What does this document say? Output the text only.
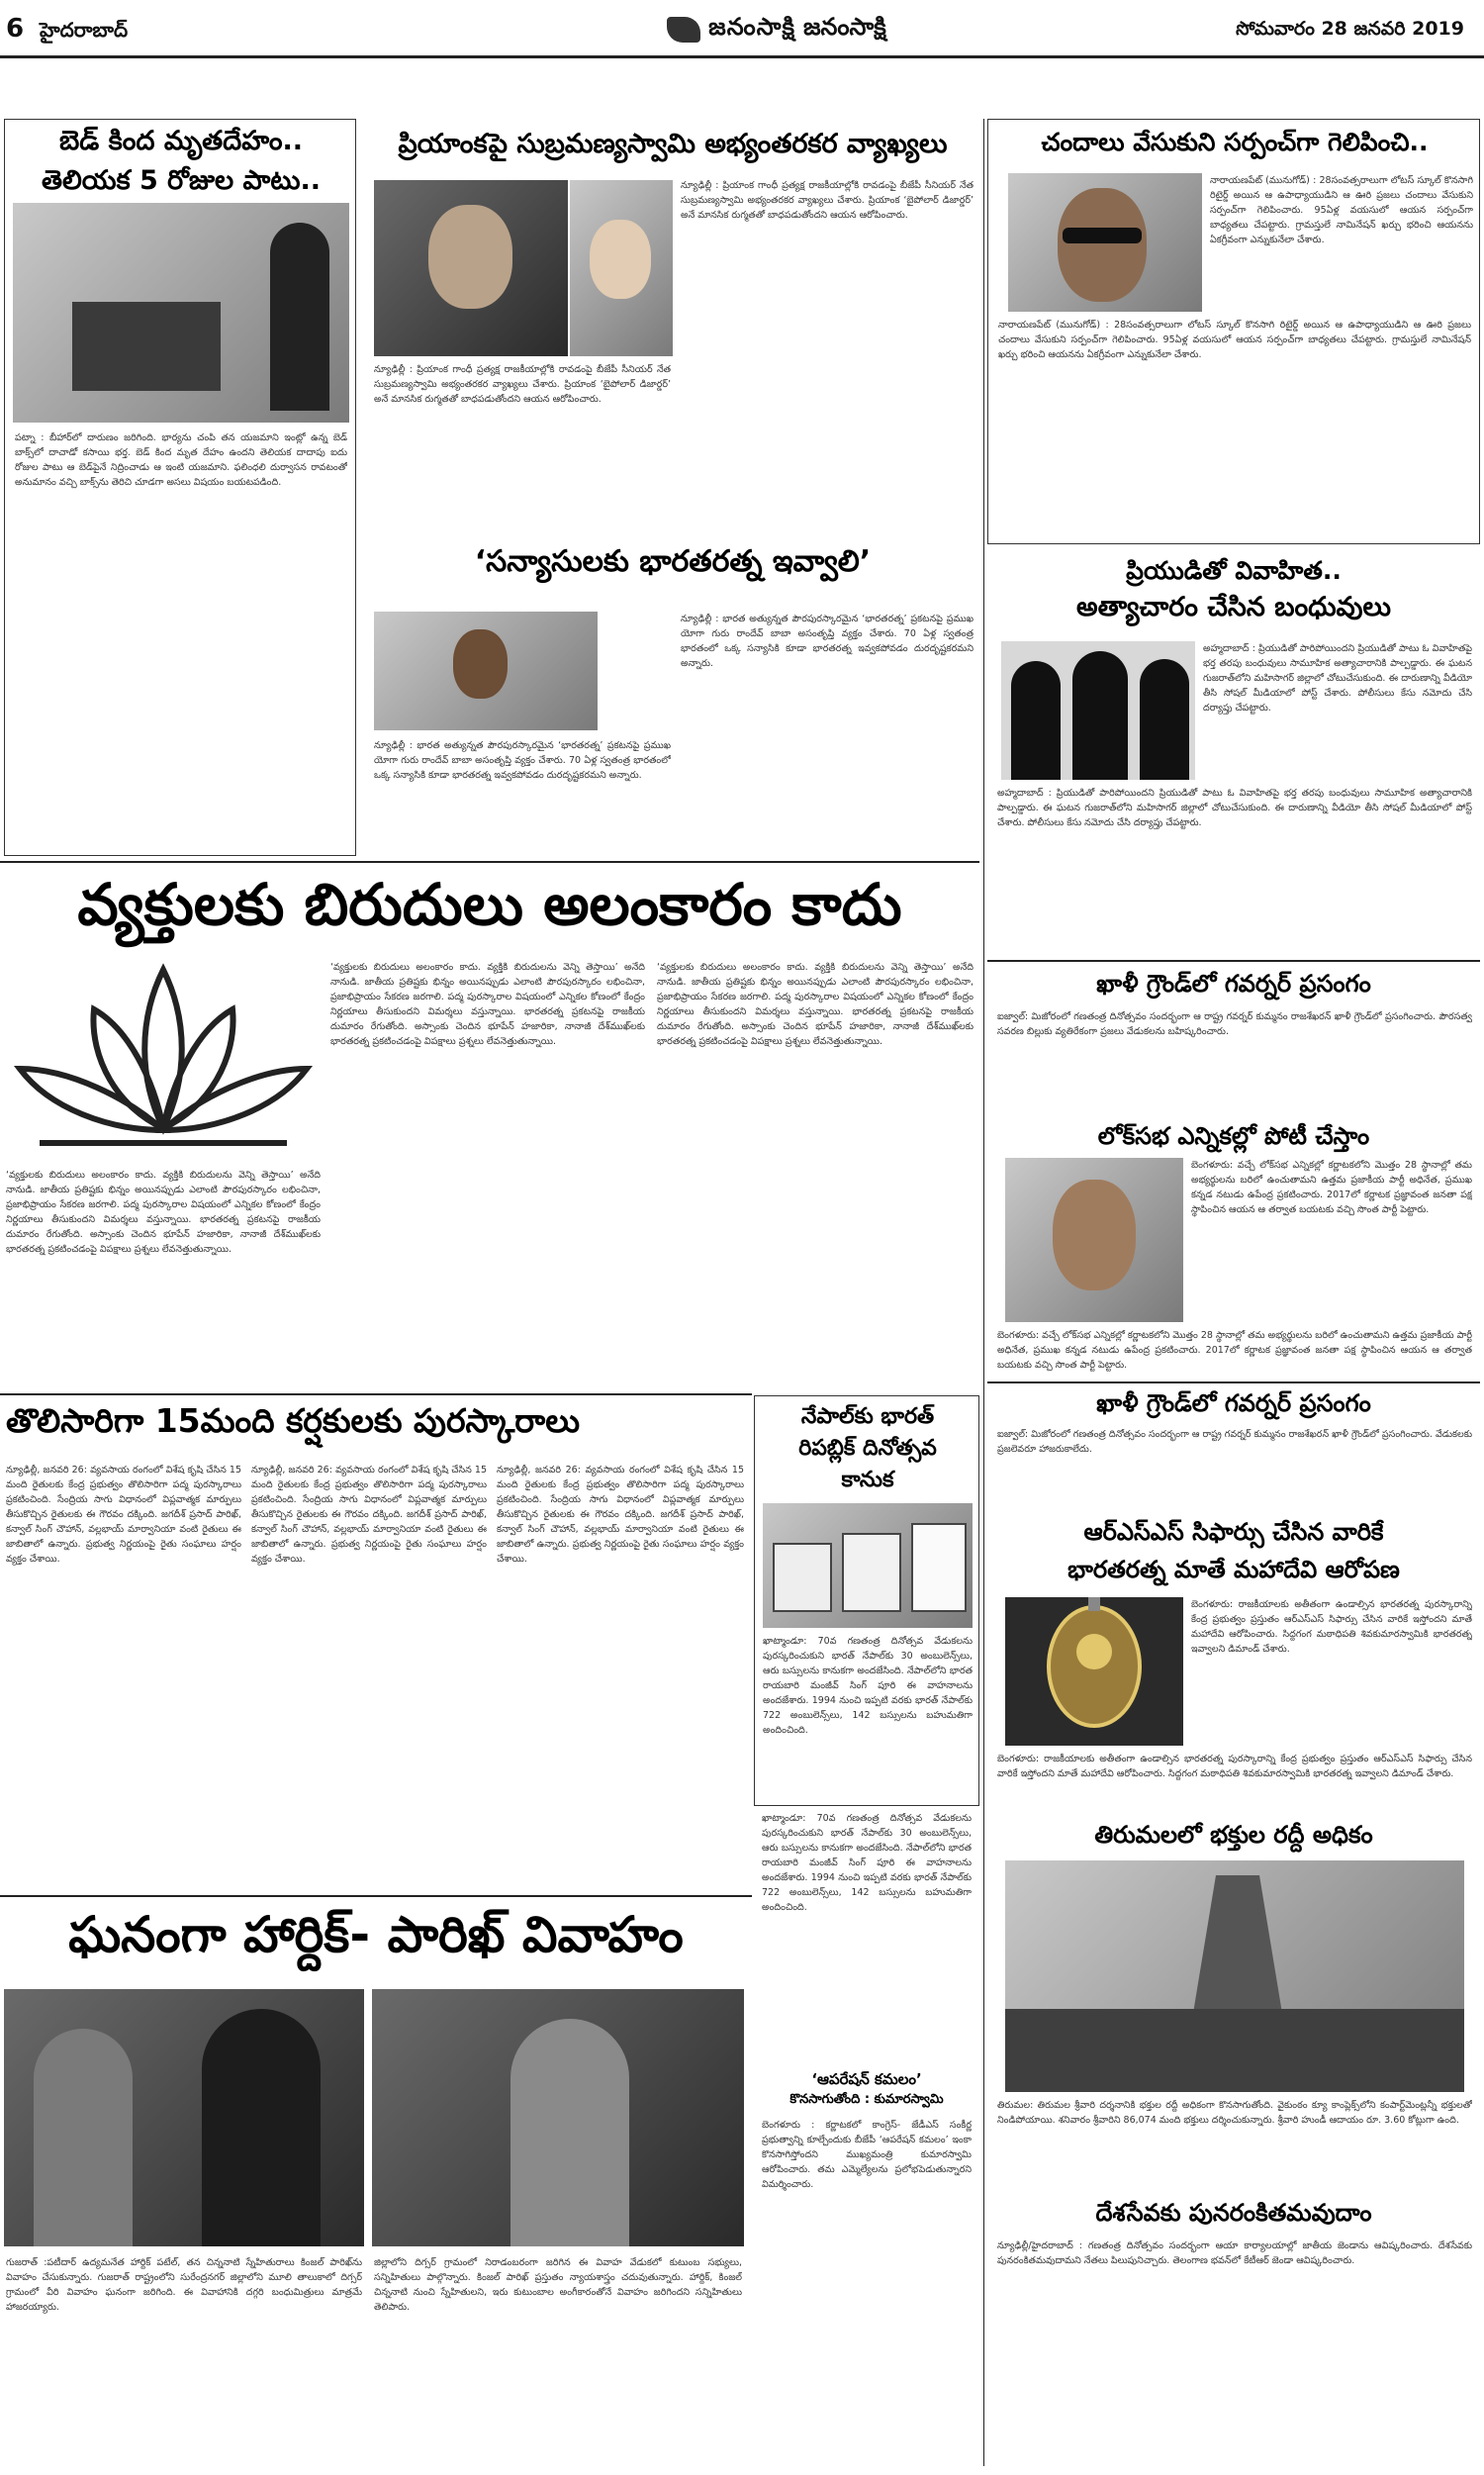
6 హైదరాబాద్	జనంసాక్షి జనంసాక్షి	సోమవారం 28 జనవరి 2019
బెడ్ కింద మృతదేహం..
తెలియక 5 రోజుల పాటు..
పట్నా : బీహార్‌లో దారుణం జరిగింది. భార్యను చంపి తన యజమాని ఇంట్లో ఉన్న బెడ్ బాక్స్‌లో దాచాడో కసాయి భర్త. బెడ్ కింద మృత దేహం ఉందని తెలియక దాదాపు ఐదు రోజుల పాటు ఆ బెడ్‌పైనే నిద్రించాడు ఆ ఇంటి యజమాని. ఫలింధలి దుర్వాసన రావటంతో అనుమానం వచ్చి బాక్స్‌ను తెరిచి చూడగా అసలు విషయం బయటపడింది.
ప్రియాంకపై సుబ్రమణ్యస్వామి అభ్యంతరకర వ్యాఖ్యలు
న్యూఢిల్లీ : ప్రియాంక గాంధీ ప్రత్యక్ష రాజకీయాల్లోకి రావడంపై బీజేపీ సీనియర్ నేత సుబ్రమణ్యస్వామి అభ్యంతరకర వ్యాఖ్యలు చేశారు. ప్రియాంక ‘బైపోలార్ డిజార్డర్’ అనే మానసిక రుగ్మతతో బాధపడుతోందని ఆయన ఆరోపించారు.
న్యూఢిల్లీ : ప్రియాంక గాంధీ ప్రత్యక్ష రాజకీయాల్లోకి రావడంపై బీజేపీ సీనియర్ నేత సుబ్రమణ్యస్వామి అభ్యంతరకర వ్యాఖ్యలు చేశారు. ప్రియాంక ‘బైపోలార్ డిజార్డర్’ అనే మానసిక రుగ్మతతో బాధపడుతోందని ఆయన ఆరోపించారు.
‘సన్యాసులకు భారతరత్న ఇవ్వాలి’
న్యూఢిల్లీ : భారత అత్యున్నత పౌరపురస్కారమైన ‘భారతరత్న’ ప్రకటనపై ప్రముఖ యోగా గురు రాందేవ్ బాబా అసంతృప్తి వ్యక్తం చేశారు. 70 ఏళ్ల స్వతంత్ర భారతంలో ఒక్క సన్యాసికి కూడా భారతరత్న ఇవ్వకపోవడం దురదృష్టకరమని అన్నారు.
న్యూఢిల్లీ : భారత అత్యున్నత పౌరపురస్కారమైన ‘భారతరత్న’ ప్రకటనపై ప్రముఖ యోగా గురు రాందేవ్ బాబా అసంతృప్తి వ్యక్తం చేశారు. 70 ఏళ్ల స్వతంత్ర భారతంలో ఒక్క సన్యాసికి కూడా భారతరత్న ఇవ్వకపోవడం దురదృష్టకరమని అన్నారు.
చందాలు వేసుకుని సర్పంచ్‌గా గెలిపించి..
నారాయణపేట్ (మునుగోడ్) : 28సంవత్సరాలుగా లోటస్ స్కూల్ కొనసాగి రిటైర్డ్ అయిన ఆ ఉపాధ్యాయుడిని ఆ ఊరి ప్రజలు చందాలు వేసుకుని సర్పంచ్‌గా గెలిపించారు. 95ఏళ్ల వయసులో ఆయన సర్పంచ్‌గా బాధ్యతలు చేపట్టారు. గ్రామస్తులే నామినేషన్ ఖర్చు భరించి ఆయనను ఏకగ్రీవంగా ఎన్నుకునేలా చేశారు.
నారాయణపేట్ (మునుగోడ్) : 28సంవత్సరాలుగా లోటస్ స్కూల్ కొనసాగి రిటైర్డ్ అయిన ఆ ఉపాధ్యాయుడిని ఆ ఊరి ప్రజలు చందాలు వేసుకుని సర్పంచ్‌గా గెలిపించారు. 95ఏళ్ల వయసులో ఆయన సర్పంచ్‌గా బాధ్యతలు చేపట్టారు. గ్రామస్తులే నామినేషన్ ఖర్చు భరించి ఆయనను ఏకగ్రీవంగా ఎన్నుకునేలా చేశారు.
ప్రియుడితో వివాహిత..
అత్యాచారం చేసిన బంధువులు
అహ్మదాబాద్ : ప్రియుడితో పారిపోయిందని ప్రియుడితో పాటు ఓ వివాహితపై భర్త తరపు బంధువులు సామూహిక అత్యాచారానికి పాల్పడ్డారు. ఈ ఘటన గుజరాత్‌లోని మహిసాగర్ జిల్లాలో చోటుచేసుకుంది. ఈ దారుణాన్ని వీడియో తీసి సోషల్ మీడియాలో పోస్ట్ చేశారు. పోలీసులు కేసు నమోదు చేసి దర్యాప్తు చేపట్టారు.
అహ్మదాబాద్ : ప్రియుడితో పారిపోయిందని ప్రియుడితో పాటు ఓ వివాహితపై భర్త తరపు బంధువులు సామూహిక అత్యాచారానికి పాల్పడ్డారు. ఈ ఘటన గుజరాత్‌లోని మహిసాగర్ జిల్లాలో చోటుచేసుకుంది. ఈ దారుణాన్ని వీడియో తీసి సోషల్ మీడియాలో పోస్ట్ చేశారు. పోలీసులు కేసు నమోదు చేసి దర్యాప్తు చేపట్టారు.
వ్యక్తులకు బిరుదులు అలంకారం కాదు
‘వ్యక్తులకు బిరుదులు అలంకారం కాదు. వ్యక్తికి బిరుదులను వెన్ని తెస్తాయి’ అనేది నానుడి. జాతీయ ప్రతిష్టకు భిన్నం అయినప్పుడు ఎలాంటి పౌరపురస్కారం లభించినా, ప్రజాభిప్రాయం సేకరణ జరగాలి. పద్మ పురస్కారాల విషయంలో ఎన్నికల కోణంలో కేంద్రం నిర్ణయాలు తీసుకుందని విమర్శలు వస్తున్నాయి. భారతరత్న ప్రకటనపై రాజకీయ దుమారం రేగుతోంది. అస్సాంకు చెందిన భూపేన్ హజారికా, నానాజీ దేశ్‌ముఖ్‌లకు భారతరత్న ప్రకటించడంపై విపక్షాలు ప్రశ్నలు లేవనెత్తుతున్నాయి.
‘వ్యక్తులకు బిరుదులు అలంకారం కాదు. వ్యక్తికి బిరుదులను వెన్ని తెస్తాయి’ అనేది నానుడి. జాతీయ ప్రతిష్టకు భిన్నం అయినప్పుడు ఎలాంటి పౌరపురస్కారం లభించినా, ప్రజాభిప్రాయం సేకరణ జరగాలి. పద్మ పురస్కారాల విషయంలో ఎన్నికల కోణంలో కేంద్రం నిర్ణయాలు తీసుకుందని విమర్శలు వస్తున్నాయి. భారతరత్న ప్రకటనపై రాజకీయ దుమారం రేగుతోంది. అస్సాంకు చెందిన భూపేన్ హజారికా, నానాజీ దేశ్‌ముఖ్‌లకు భారతరత్న ప్రకటించడంపై విపక్షాలు ప్రశ్నలు లేవనెత్తుతున్నాయి.
‘వ్యక్తులకు బిరుదులు అలంకారం కాదు. వ్యక్తికి బిరుదులను వెన్ని తెస్తాయి’ అనేది నానుడి. జాతీయ ప్రతిష్టకు భిన్నం అయినప్పుడు ఎలాంటి పౌరపురస్కారం లభించినా, ప్రజాభిప్రాయం సేకరణ జరగాలి. పద్మ పురస్కారాల విషయంలో ఎన్నికల కోణంలో కేంద్రం నిర్ణయాలు తీసుకుందని విమర్శలు వస్తున్నాయి. భారతరత్న ప్రకటనపై రాజకీయ దుమారం రేగుతోంది. అస్సాంకు చెందిన భూపేన్ హజారికా, నానాజీ దేశ్‌ముఖ్‌లకు భారతరత్న ప్రకటించడంపై విపక్షాలు ప్రశ్నలు లేవనెత్తుతున్నాయి.
ఖాళీ గ్రౌండ్‌లో గవర్నర్ ప్రసంగం
ఐజ్వాల్: మిజోరంలో గణతంత్ర దినోత్సవం సందర్భంగా ఆ రాష్ట్ర గవర్నర్ కుమ్మనం రాజశేఖరన్ ఖాళీ గ్రౌండ్‌లో ప్రసంగించారు. పౌరసత్వ సవరణ బిల్లుకు వ్యతిరేకంగా ప్రజలు వేడుకలను బహిష్కరించారు.
లోక్‌సభ ఎన్నికల్లో పోటీ చేస్తాం
బెంగళూరు: వచ్చే లోక్‌సభ ఎన్నికల్లో కర్ణాటకలోని మొత్తం 28 స్థానాల్లో తమ అభ్యర్థులను బరిలో ఉంచుతామని ఉత్తమ ప్రజాకీయ పార్టీ అధినేత, ప్రముఖ కన్నడ నటుడు ఉపేంద్ర ప్రకటించారు. 2017లో కర్ణాటక ప్రజ్ఞావంత జనతా పక్ష స్థాపించిన ఆయన ఆ తర్వాత బయటకు వచ్చి సొంత పార్టీ పెట్టారు.
బెంగళూరు: వచ్చే లోక్‌సభ ఎన్నికల్లో కర్ణాటకలోని మొత్తం 28 స్థానాల్లో తమ అభ్యర్థులను బరిలో ఉంచుతామని ఉత్తమ ప్రజాకీయ పార్టీ అధినేత, ప్రముఖ కన్నడ నటుడు ఉపేంద్ర ప్రకటించారు. 2017లో కర్ణాటక ప్రజ్ఞావంత జనతా పక్ష స్థాపించిన ఆయన ఆ తర్వాత బయటకు వచ్చి సొంత పార్టీ పెట్టారు.
ఖాళీ గ్రౌండ్‌లో గవర్నర్ ప్రసంగం
ఐజ్వాల్: మిజోరంలో గణతంత్ర దినోత్సవం సందర్భంగా ఆ రాష్ట్ర గవర్నర్ కుమ్మనం రాజశేఖరన్ ఖాళీ గ్రౌండ్‌లో ప్రసంగించారు. వేడుకలకు ప్రజలెవరూ హాజరుకాలేదు.
ఆర్‌ఎస్‌ఎస్ సిఫార్సు చేసిన వారికే
భారతరత్న మాతే మహాదేవి ఆరోపణ
బెంగళూరు: రాజకీయాలకు అతీతంగా ఉండాల్సిన భారతరత్న పురస్కారాన్ని కేంద్ర ప్రభుత్వం ప్రస్తుతం ఆర్‌ఎస్‌ఎస్ సిఫార్సు చేసిన వారికే ఇస్తోందని మాతే మహాదేవి ఆరోపించారు. సిద్దగంగ మఠాధిపతి శివకుమారస్వామికి భారతరత్న ఇవ్వాలని డిమాండ్ చేశారు.
బెంగళూరు: రాజకీయాలకు అతీతంగా ఉండాల్సిన భారతరత్న పురస్కారాన్ని కేంద్ర ప్రభుత్వం ప్రస్తుతం ఆర్‌ఎస్‌ఎస్ సిఫార్సు చేసిన వారికే ఇస్తోందని మాతే మహాదేవి ఆరోపించారు. సిద్దగంగ మఠాధిపతి శివకుమారస్వామికి భారతరత్న ఇవ్వాలని డిమాండ్ చేశారు.
తిరుమలలో భక్తుల రద్దీ అధికం
తిరుమల: తిరుమల శ్రీవారి దర్శనానికి భక్తుల రద్దీ అధికంగా కొనసాగుతోంది. వైకుంఠం క్యూ కాంప్లెక్స్‌లోని కంపార్ట్‌మెంట్లన్నీ భక్తులతో నిండిపోయాయి. శనివారం శ్రీవారిని 86,074 మంది భక్తులు దర్శించుకున్నారు. శ్రీవారి హుండీ ఆదాయం రూ. 3.60 కోట్లుగా ఉంది.
దేశసేవకు పునరంకితమవుదాం
న్యూఢిల్లీ/హైదరాబాద్ : గణతంత్ర దినోత్సవం సందర్భంగా ఆయా కార్యాలయాల్లో జాతీయ జెండాను ఆవిష్కరించారు. దేశసేవకు పునరంకితమవుదామని నేతలు పిలుపునిచ్చారు. తెలంగాణ భవన్‌లో కేటీఆర్ జెండా ఆవిష్కరించారు.
తొలిసారిగా 15మంది కర్షకులకు పురస్కారాలు
న్యూఢిల్లీ, జనవరి 26: వ్యవసాయ రంగంలో విశేష కృషి చేసిన 15 మంది రైతులకు కేంద్ర ప్రభుత్వం తొలిసారిగా పద్మ పురస్కారాలు ప్రకటించింది. సేంద్రియ సాగు విధానంలో విప్లవాత్మక మార్పులు తీసుకొచ్చిన రైతులకు ఈ గౌరవం దక్కింది. జగదీశ్ ప్రసాద్ పారిఖ్, కన్వాల్ సింగ్ చౌహాన్, వల్లభాయ్ మార్వానియా వంటి రైతులు ఈ జాబితాలో ఉన్నారు. ప్రభుత్వ నిర్ణయంపై రైతు సంఘాలు హర్షం వ్యక్తం చేశాయి.
న్యూఢిల్లీ, జనవరి 26: వ్యవసాయ రంగంలో విశేష కృషి చేసిన 15 మంది రైతులకు కేంద్ర ప్రభుత్వం తొలిసారిగా పద్మ పురస్కారాలు ప్రకటించింది. సేంద్రియ సాగు విధానంలో విప్లవాత్మక మార్పులు తీసుకొచ్చిన రైతులకు ఈ గౌరవం దక్కింది. జగదీశ్ ప్రసాద్ పారిఖ్, కన్వాల్ సింగ్ చౌహాన్, వల్లభాయ్ మార్వానియా వంటి రైతులు ఈ జాబితాలో ఉన్నారు. ప్రభుత్వ నిర్ణయంపై రైతు సంఘాలు హర్షం వ్యక్తం చేశాయి.
న్యూఢిల్లీ, జనవరి 26: వ్యవసాయ రంగంలో విశేష కృషి చేసిన 15 మంది రైతులకు కేంద్ర ప్రభుత్వం తొలిసారిగా పద్మ పురస్కారాలు ప్రకటించింది. సేంద్రియ సాగు విధానంలో విప్లవాత్మక మార్పులు తీసుకొచ్చిన రైతులకు ఈ గౌరవం దక్కింది. జగదీశ్ ప్రసాద్ పారిఖ్, కన్వాల్ సింగ్ చౌహాన్, వల్లభాయ్ మార్వానియా వంటి రైతులు ఈ జాబితాలో ఉన్నారు. ప్రభుత్వ నిర్ణయంపై రైతు సంఘాలు హర్షం వ్యక్తం చేశాయి.
నేపాల్‌కు భారత్
రిపబ్లిక్ దినోత్సవ
కానుక
ఖాట్మాండూ: 70వ గణతంత్ర దినోత్సవ వేడుకలను పురస్కరించుకుని భారత్ నేపాల్‌కు 30 అంబులెన్స్‌లు, ఆరు బస్సులను కానుకగా అందజేసింది. నేపాల్‌లోని భారత రాయబారి మంజీవ్ సింగ్ పూరి ఈ వాహనాలను అందజేశారు. 1994 నుంచి ఇప్పటి వరకు భారత్ నేపాల్‌కు 722 అంబులెన్స్‌లు, 142 బస్సులను బహుమతిగా అందించింది.
‘ఆపరేషన్ కమలం’
కొనసాగుతోంది : కుమారస్వామి
ఖాట్మాండూ: 70వ గణతంత్ర దినోత్సవ వేడుకలను పురస్కరించుకుని భారత్ నేపాల్‌కు 30 అంబులెన్స్‌లు, ఆరు బస్సులను కానుకగా అందజేసింది. నేపాల్‌లోని భారత రాయబారి మంజీవ్ సింగ్ పూరి ఈ వాహనాలను అందజేశారు. 1994 నుంచి ఇప్పటి వరకు భారత్ నేపాల్‌కు 722 అంబులెన్స్‌లు, 142 బస్సులను బహుమతిగా అందించింది.
బెంగళూరు : కర్ణాటకలో కాంగ్రెస్- జేడీఎస్ సంకీర్ణ ప్రభుత్వాన్ని కూల్చేందుకు బీజేపీ ‘ఆపరేషన్ కమలం’ ఇంకా కొనసాగిస్తోందని ముఖ్యమంత్రి కుమారస్వామి ఆరోపించారు. తమ ఎమ్మెల్యేలను ప్రలోభపెడుతున్నారని విమర్శించారు.
ఘనంగా హార్దిక్- పారిఖ్ వివాహం
గుజరాత్ :పటీదార్ ఉద్యమనేత హార్దిక్ పటేల్, తన చిన్ననాటి స్నేహితురాలు కింజల్ పారిఖ్‌ను వివాహం చేసుకున్నారు. గుజరాత్ రాష్ట్రంలోని సురేంద్రనగర్ జిల్లాలోని మూలి తాలుకాలో దిగ్సర్ గ్రామంలో వీరి వివాహం ఘనంగా జరిగింది. ఈ వివాహానికి దగ్గరి బంధుమిత్రులు మాత్రమే హాజరయ్యారు.
జిల్లాలోని దిగ్సర్ గ్రామంలో నిరాడంబరంగా జరిగిన ఈ వివాహ వేడుకలో కుటుంబ సభ్యులు, సన్నిహితులు పాల్గొన్నారు. కింజల్ పారిఖ్ ప్రస్తుతం న్యాయశాస్త్రం చదువుతున్నారు. హార్దిక్, కింజల్ చిన్ననాటి నుంచి స్నేహితులని, ఇరు కుటుంబాల అంగీకారంతోనే వివాహం జరిగిందని సన్నిహితులు తెలిపారు.
